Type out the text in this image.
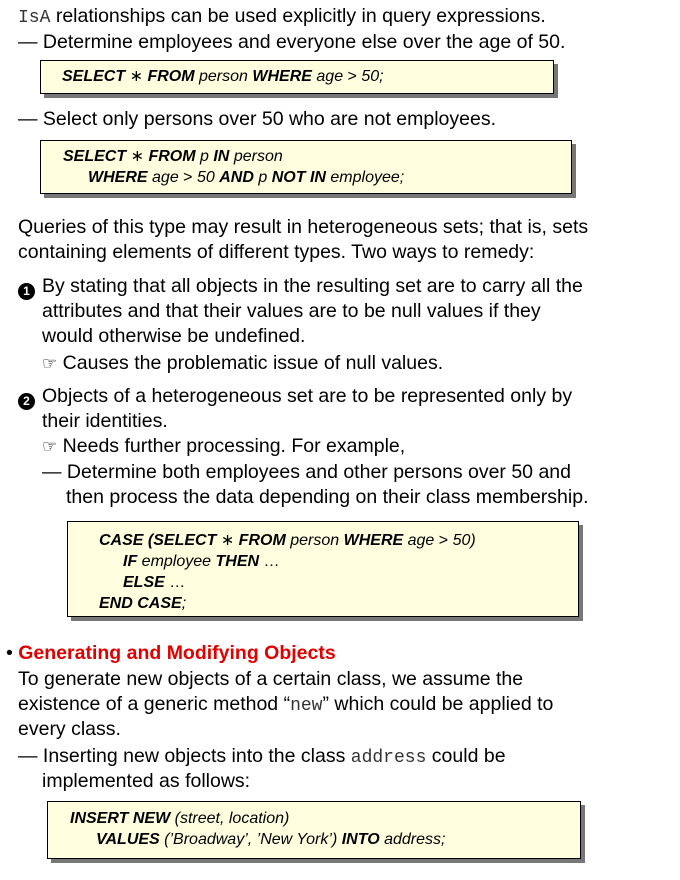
IsA relationships can be used explicitly in query expressions.
— Determine employees and everyone else over the age of 50.
SELECT ∗ FROM person WHERE age > 50;
— Select only persons over 50 who are not employees.
SELECT ∗ FROM p IN person
WHERE age > 50 AND p NOT IN employee;
Queries of this type may result in heterogeneous sets; that is, sets
containing elements of different types. Two ways to remedy:
1 By stating that all objects in the resulting set are to carry all the
attributes and that their values are to be null values if they
would otherwise be undefined.
☞ Causes the problematic issue of null values.
2 Objects of a heterogeneous set are to be represented only by
their identities.
☞ Needs further processing. For example,
— Determine both employees and other persons over 50 and
then process the data depending on their class membership.
CASE (SELECT ∗ FROM person WHERE age > 50)
IF employee THEN …
ELSE …
END CASE;
• Generating and Modifying Objects
To generate new objects of a certain class, we assume the
existence of a generic method “new” which could be applied to
every class.
— Inserting new objects into the class address could be
implemented as follows:
INSERT NEW (street, location)
VALUES (’Broadway’, ’New York’) INTO address;
